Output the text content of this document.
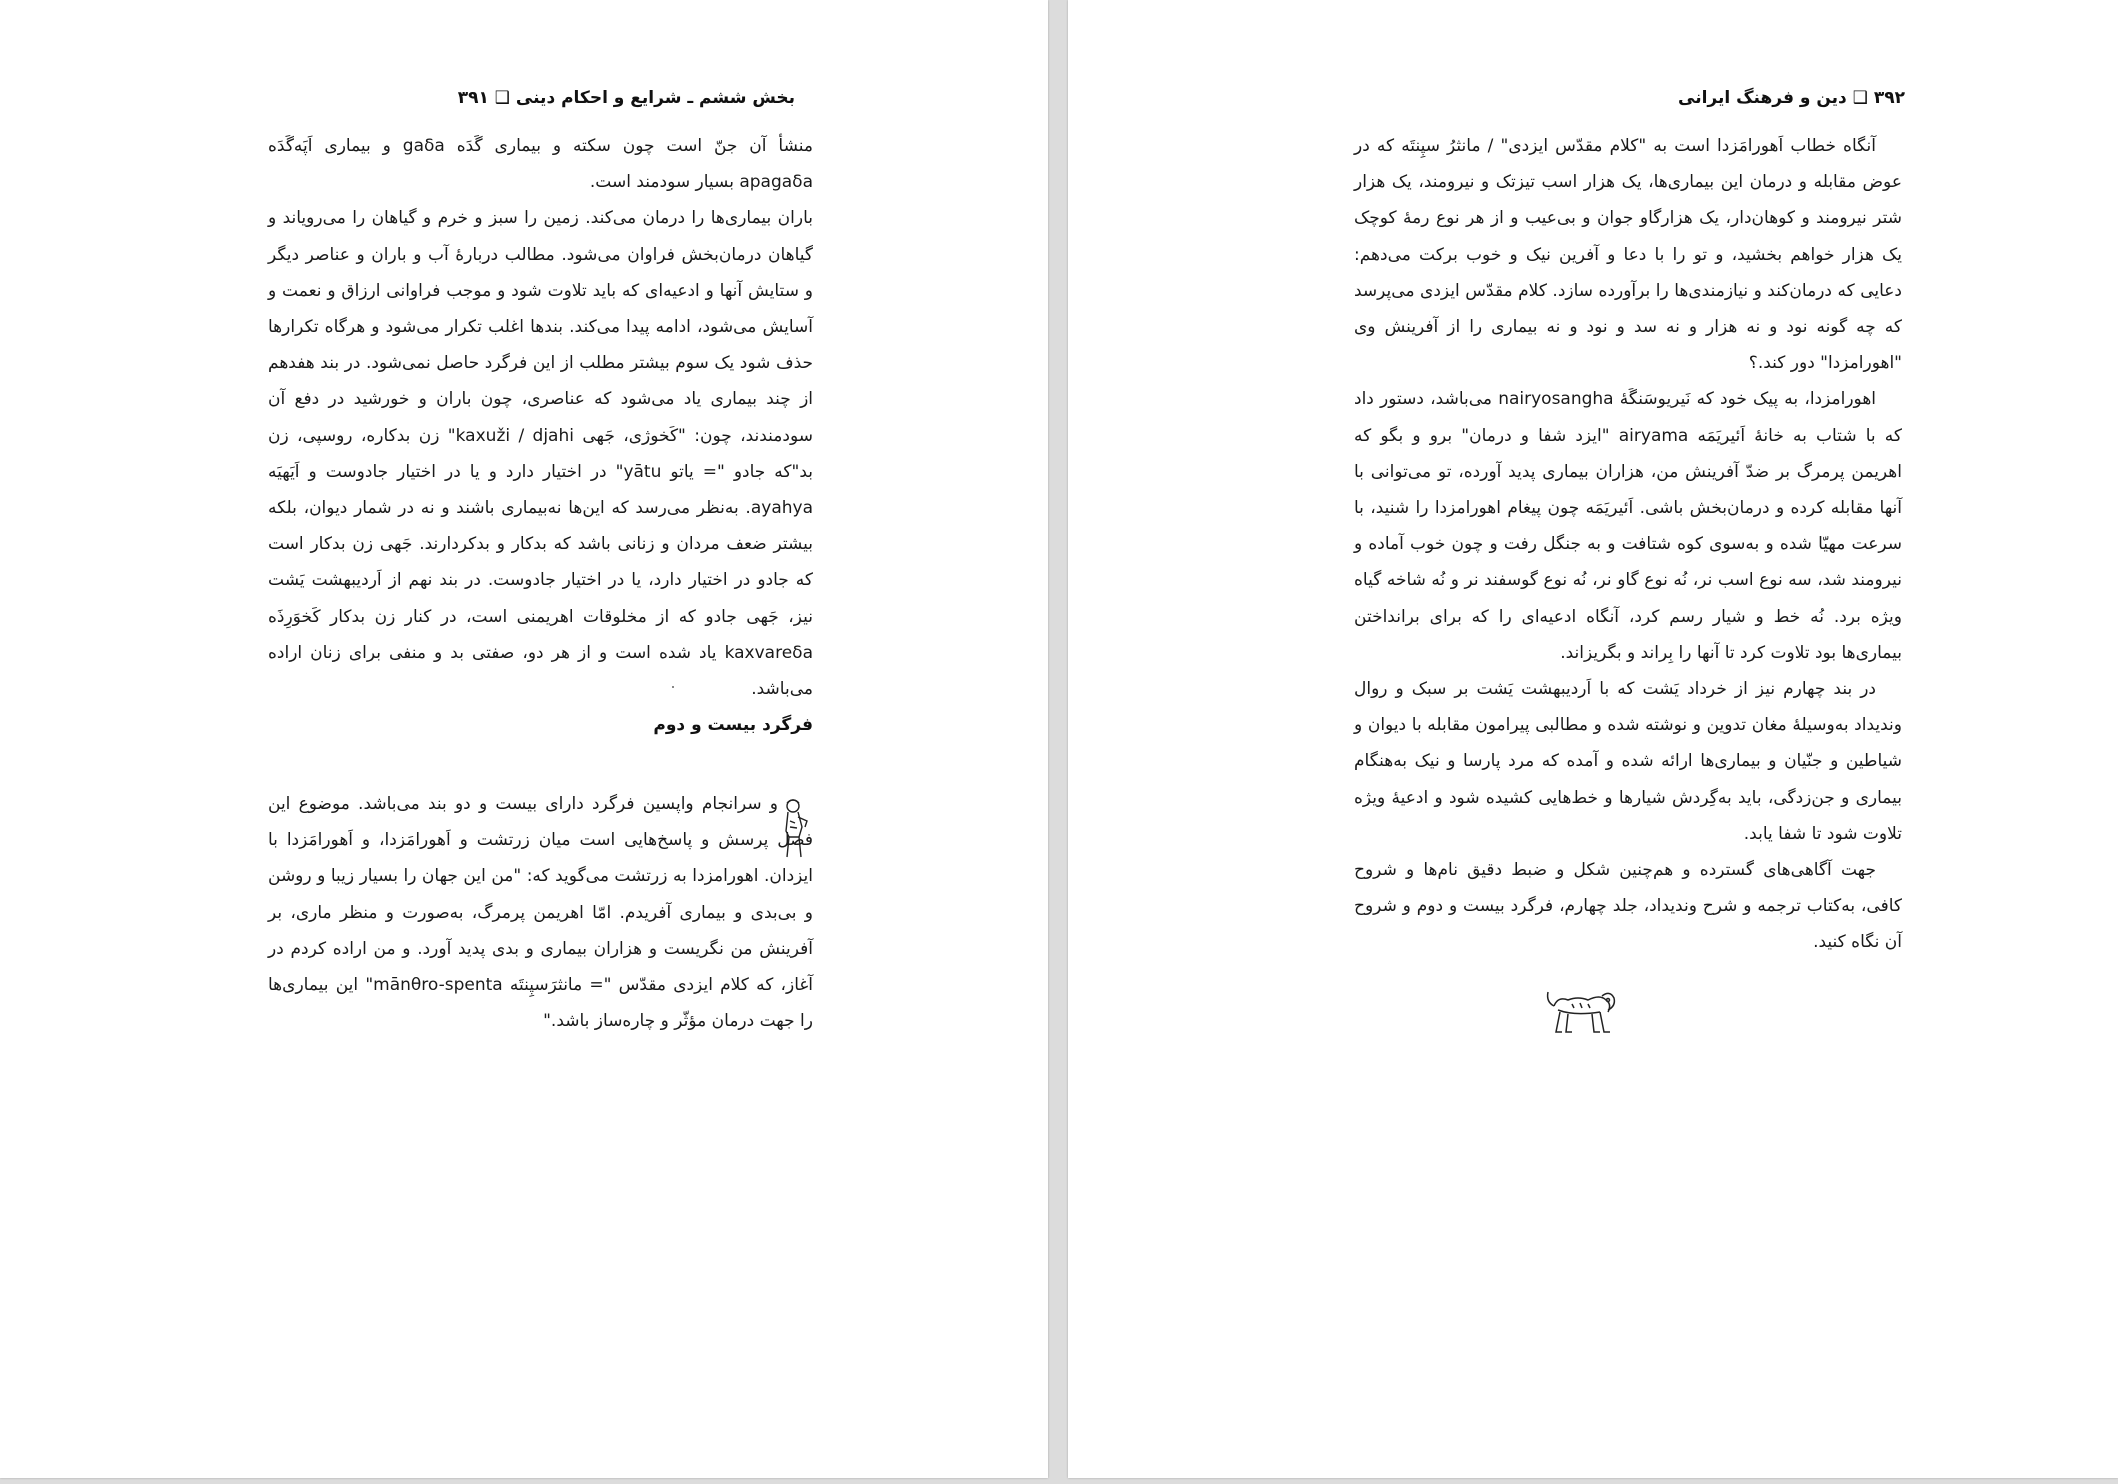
بخش ششم ـ شرایع و احکام دینی ❑ ۳۹۱

منشأ آن جنّ است چون سکته و بیماری گَدَه gaδa و بیماری اَپَه‌گَدَه apagaδa بسیار سودمند است.

باران بیماری‌ها را درمان می‌کند. زمین را سبز و خرم و گیاهان را می‌رویاند و گیاهان درمان‌بخش فراوان می‌شود. مطالب دربارهٔ آب و باران و عناصر دیگر و ستایش آنها و ادعیه‌ای که باید تلاوت شود و موجب فراوانی ارزاق و نعمت و آسایش می‌شود، ادامه پیدا می‌کند. بندها اغلب تکرار می‌شود و هرگاه تکرارها حذف شود یک سوم بیشتر مطلب از این فرگرد حاصل نمی‌شود. در بند هفدهم از چند بیماری یاد می‌شود که عناصری، چون باران و خورشید در دفع آن سودمندند، چون: "کَخوژی، جَهی kaxuži / djahi" زن بدکاره، روسپی، زن بد"که جادو "= یاتو yātu" در اختیار دارد و یا در اختیار جادوست و اَیَهیَه ayahya. به‌نظر می‌رسد که این‌ها نه‌بیماری باشند و نه در شمار دیوان، بلکه بیشتر ضعف مردان و زنانی باشد که بدکار و بدکردارند. جَهی زن بدکار است که جادو در اختیار دارد، یا در اختیار جادوست. در بند نهم از اَردیبهشت یَشت نیز، جَهی جادو که از مخلوقات اهریمنی است، در کنار زن بدکار کَخوَرِذَه kaxvareδa یاد شده است و از هر دو، صفتی بد و منفی برای زنان اراده می‌باشد.

فرگرد بیست و دوم

و سرانجام واپسین فرگرد دارای بیست و دو بند می‌باشد. موضوع این فصل پرسش و پاسخ‌هایی است میان زرتشت و اَهورامَزدا، و اَهورامَزدا با ایزدان. اهورامزدا به زرتشت می‌گوید که: "من این جهان را بسیار زیبا و روشن و بی‌بدی و بیماری آفریدم. امّا اهریمن پرمرگ، به‌صورت و منظر ماری، بر آفرینش من نگریست و هزاران بیماری و بدی پدید آورد. و من اراده کردم در آغاز، که کلام ایزدی مقدّس "= مانثرَسپِنتَه mānθro-spenta" این بیماری‌ها را جهت درمان مؤثّر و چاره‌ساز باشد."

۳۹۲ ❑ دین و فرهنگ ایرانی

آنگاه خطاب اَهورامَزدا است به "کلام مقدّس ایزدی" / مانثرُ سپِنتَه که در عوض مقابله و درمان این بیماری‌ها، یک هزار اسب تیزتک و نیرومند، یک هزار شتر نیرومند و کوهان‌دار، یک هزارگاو جوان و بی‌عیب و از هر نوع رمهٔ کوچک یک هزار خواهم بخشید، و تو را با دعا و آفرین نیک و خوب برکت می‌دهم: دعایی که درمان‌کند و نیازمندی‌ها را برآورده سازد. کلام مقدّس ایزدی می‌پرسد که چه گونه نود و نه هزار و نه سد و نود و نه بیماری را از آفرینش وی "اهورامزدا" دور کند.؟

اهورامزدا، به پیک خود که نَیریوسَنگَهٔ nairyosangha می‌باشد، دستور داد که با شتاب به خانهٔ اَئیریَمَه airyama "ایزد شفا و درمان" برو و بگو که اهریمن پرمرگ بر ضدّ آفرینش من، هزاران بیماری پدید آورده، تو می‌توانی با آنها مقابله کرده و درمان‌بخش باشی. اَئیریَمَه چون پیغام اهورامزدا را شنید، با سرعت مهیّا شده و به‌سوی کوه شتافت و به جنگل رفت و چون خوب آماده و نیرومند شد، سه نوع اسب نر، نُه نوع گاو نر، نُه نوع گوسفند نر و نُه شاخه گیاه ویژه برد. نُه خط و شیار رسم کرد، آنگاه ادعیه‌ای را که برای برانداختن بیماری‌ها بود تلاوت کرد تا آنها را بِراند و بگریزاند.

در بند چهارم نیز از خرداد یَشت که با اَردیبهشت یَشت بر سبک و روال وندیداد به‌وسیلهٔ مغان تدوین و نوشته شده و مطالبی پیرامون مقابله با دیوان و شیاطین و جنّیان و بیماری‌ها ارائه شده و آمده که مرد پارسا و نیک به‌هنگام بیماری و جن‌زدگی، باید به‌گِردش شیارها و خط‌هایی کشیده شود و ادعیهٔ ویژه تلاوت شود تا شفا یابد.

جهت آگاهی‌های گسترده و هم‌چنین شکل و ضبط دقیق نام‌ها و شروح کافی، به‌کتاب ترجمه و شرح وندیداد، جلد چهارم، فرگرد بیست و دوم و شروح آن نگاه کنید.
